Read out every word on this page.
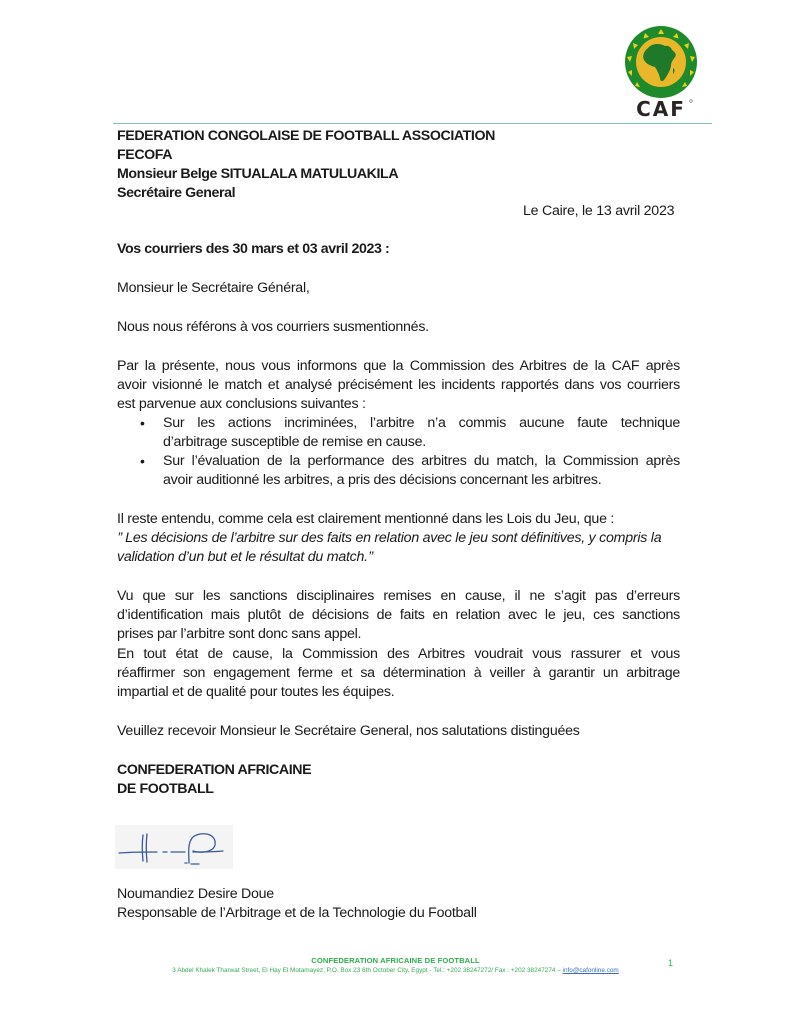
CAF
FEDERATION CONGOLAISE DE FOOTBALL ASSOCIATION
FECOFA
Monsieur Belge SITUALALA MATULUAKILA
Secrétaire General
Le Caire, le 13 avril 2023
Vos courriers des 30 mars et 03 avril 2023 :
Monsieur le Secrétaire Général,
Nous nous référons à vos courriers susmentionnés.
Par la présente, nous vous informons que la Commission des Arbitres de la CAF après
avoir visionné le match et analysé précisément les incidents rapportés dans vos courriers
est parvenue aux conclusions suivantes :
• Sur les actions incriminées, l’arbitre n’a commis aucune faute technique
d’arbitrage susceptible de remise en cause.
• Sur l’évaluation de la performance des arbitres du match, la Commission après
avoir auditionné les arbitres, a pris des décisions concernant les arbitres.
Il reste entendu, comme cela est clairement mentionné dans les Lois du Jeu, que :
’’ Les décisions de l’arbitre sur des faits en relation avec le jeu sont définitives, y compris la
validation d’un but et le résultat du match.’’
Vu que sur les sanctions disciplinaires remises en cause, il ne s’agit pas d’erreurs
d’identification mais plutôt de décisions de faits en relation avec le jeu, ces sanctions
prises par l’arbitre sont donc sans appel.
En tout état de cause, la Commission des Arbitres voudrait vous rassurer et vous
réaffirmer son engagement ferme et sa détermination à veiller à garantir un arbitrage
impartial et de qualité pour toutes les équipes.
Veuillez recevoir Monsieur le Secrétaire General, nos salutations distinguées
CONFEDERATION AFRICAINE
DE FOOTBALL
Noumandiez Desire Doue
Responsable de l’Arbitrage et de la Technologie du Football
CONFEDERATION AFRICAINE DE FOOTBALL
3 Abdel Khalek Tharwat Street, El Hay El Motamayez, P.O. Box 23 6th October City, Egypt - Tel.: +202 38247272/ Fax : +202 38247274 – info@cafonline.com
1
